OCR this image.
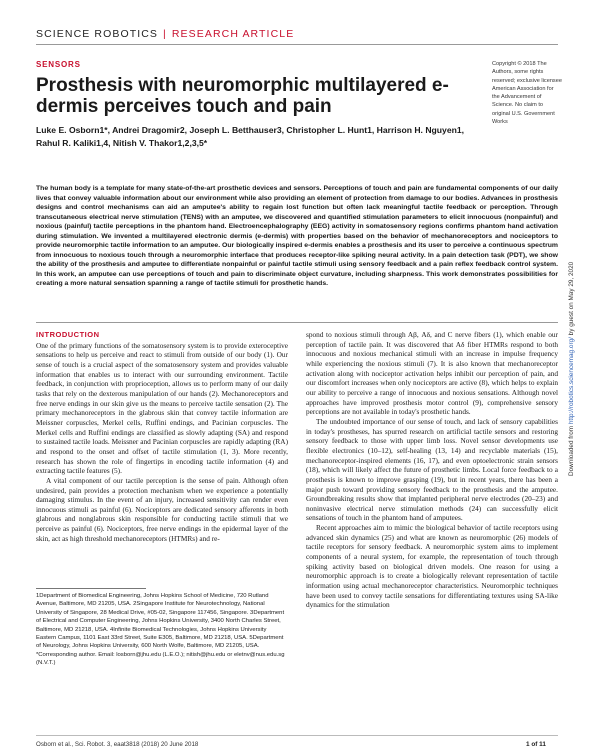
SCIENCE ROBOTICS | RESEARCH ARTICLE
SENSORS
Prosthesis with neuromorphic multilayered e-dermis perceives touch and pain
Luke E. Osborn1*, Andrei Dragomir2, Joseph L. Betthauser3, Christopher L. Hunt1, Harrison H. Nguyen1, Rahul R. Kaliki1,4, Nitish V. Thakor1,2,3,5*
Copyright © 2018 The Authors, some rights reserved; exclusive licensee American Association for the Advancement of Science. No claim to original U.S. Government Works
The human body is a template for many state-of-the-art prosthetic devices and sensors. Perceptions of touch and pain are fundamental components of our daily lives that convey valuable information about our environment while also providing an element of protection from damage to our bodies. Advances in prosthesis designs and control mechanisms can aid an amputee's ability to regain lost function but often lack meaningful tactile feedback or perception. Through transcutaneous electrical nerve stimulation (TENS) with an amputee, we discovered and quantified stimulation parameters to elicit innocuous (nonpainful) and noxious (painful) tactile perceptions in the phantom hand. Electroencephalography (EEG) activity in somatosensory regions confirms phantom hand activation during stimulation. We invented a multilayered electronic dermis (e-dermis) with properties based on the behavior of mechanoreceptors and nociceptors to provide neuromorphic tactile information to an amputee. Our biologically inspired e-dermis enables a prosthesis and its user to perceive a continuous spectrum from innocuous to noxious touch through a neuromorphic interface that produces receptor-like spiking neural activity. In a pain detection task (PDT), we show the ability of the prosthesis and amputee to differentiate nonpainful or painful tactile stimuli using sensory feedback and a pain reflex feedback control system. In this work, an amputee can use perceptions of touch and pain to discriminate object curvature, including sharpness. This work demonstrates possibilities for creating a more natural sensation spanning a range of tactile stimuli for prosthetic hands.
INTRODUCTION

One of the primary functions of the somatosensory system is to provide exteroceptive sensations to help us perceive and react to stimuli from outside of our body (1). Our sense of touch is a crucial aspect of the somatosensory system and provides valuable information that enables us to interact with our surrounding environment. Tactile feedback, in conjunction with proprioception, allows us to perform many of our daily tasks that rely on the dexterous manipulation of our hands (2). Mechanoreceptors and free nerve endings in our skin give us the means to perceive tactile sensation (2). The primary mechanoreceptors in the glabrous skin that convey tactile information are Meissner corpuscles, Merkel cells, Ruffini endings, and Pacinian corpuscles. The Merkel cells and Ruffini endings are classified as slowly adapting (SA) and respond to sustained tactile loads. Meissner and Pacinian corpuscles are rapidly adapting (RA) and respond to the onset and offset of tactile stimulation (1, 3). More recently, research has shown the role of fingertips in encoding tactile information (4) and extracting tactile features (5).

A vital component of our tactile perception is the sense of pain. Although often undesired, pain provides a protection mechanism when we experience a potentially damaging stimulus. In the event of an injury, increased sensitivity can render even innocuous stimuli as painful (6). Nociceptors are dedicated sensory afferents in both glabrous and nonglabrous skin responsible for conducting tactile stimuli that we perceive as painful (6). Nociceptors, free nerve endings in the epidermal layer of the skin, act as high threshold mechanoreceptors (HTMRs) and re-

1Department of Biomedical Engineering, Johns Hopkins School of Medicine, 720 Rutland Avenue, Baltimore, MD 21205, USA. 2Singapore Institute for Neurotechnology, National University of Singapore, 28 Medical Drive, #05-02, Singapore 117456, Singapore. 3Department of Electrical and Computer Engineering, Johns Hopkins University, 3400 North Charles Street, Baltimore, MD 21218, USA. 4Infinite Biomedical Technologies, Johns Hopkins University Eastern Campus, 1101 East 33rd Street, Suite E305, Baltimore, MD 21218, USA. 5Department of Neurology, Johns Hopkins University, 600 North Wolfe, Baltimore, MD 21205, USA.

*Corresponding author. Email: losborn@jhu.edu (L.E.O.); nitish@jhu.edu or eletnv@nus.edu.sg (N.V.T.)

spond to noxious stimuli through Aβ, Aδ, and C nerve fibers (1), which enable our perception of tactile pain. It was discovered that Aδ fiber HTMRs respond to both innocuous and noxious mechanical stimuli with an increase in impulse frequency while experiencing the noxious stimuli (7). It is also known that mechanoreceptor activation along with nociceptor activation helps inhibit our perception of pain, and our discomfort increases when only nociceptors are active (8), which helps to explain our ability to perceive a range of innocuous and noxious sensations. Although novel approaches have improved prosthesis motor control (9), comprehensive sensory perceptions are not available in today's prosthetic hands.

The undoubted importance of our sense of touch, and lack of sensory capabilities in today's prostheses, has spurred research on artificial tactile sensors and restoring sensory feedback to those with upper limb loss. Novel sensor developments use flexible electronics (10–12), self-healing (13, 14) and recyclable materials (15), mechanoreceptor-inspired elements (16, 17), and even optoelectronic strain sensors (18), which will likely affect the future of prosthetic limbs. Local force feedback to a prosthesis is known to improve grasping (19), but in recent years, there has been a major push toward providing sensory feedback to the prosthesis and the amputee. Groundbreaking results show that implanted peripheral nerve electrodes (20–23) and noninvasive electrical nerve stimulation methods (24) can successfully elicit sensations of touch in the phantom hand of amputees.

Recent approaches aim to mimic the biological behavior of tactile receptors using advanced skin dynamics (25) and what are known as neuromorphic (26) models of tactile receptors for sensory feedback. A neuromorphic system aims to implement components of a neural system, for example, the representation of touch through spiking activity based on biological driven models. One reason for using a neuromorphic approach is to create a biologically relevant representation of tactile information using actual mechanoreceptor characteristics. Neuromorphic techniques have been used to convey tactile sensations for differentiating textures using SA-like dynamics for the stimulation

Osborn et al., Sci. Robot. 3, eaat3818 (2018) 20 June 2018	1 of 11
Downloaded from http://robotics.sciencemag.org/ by guest on May 29, 2020
